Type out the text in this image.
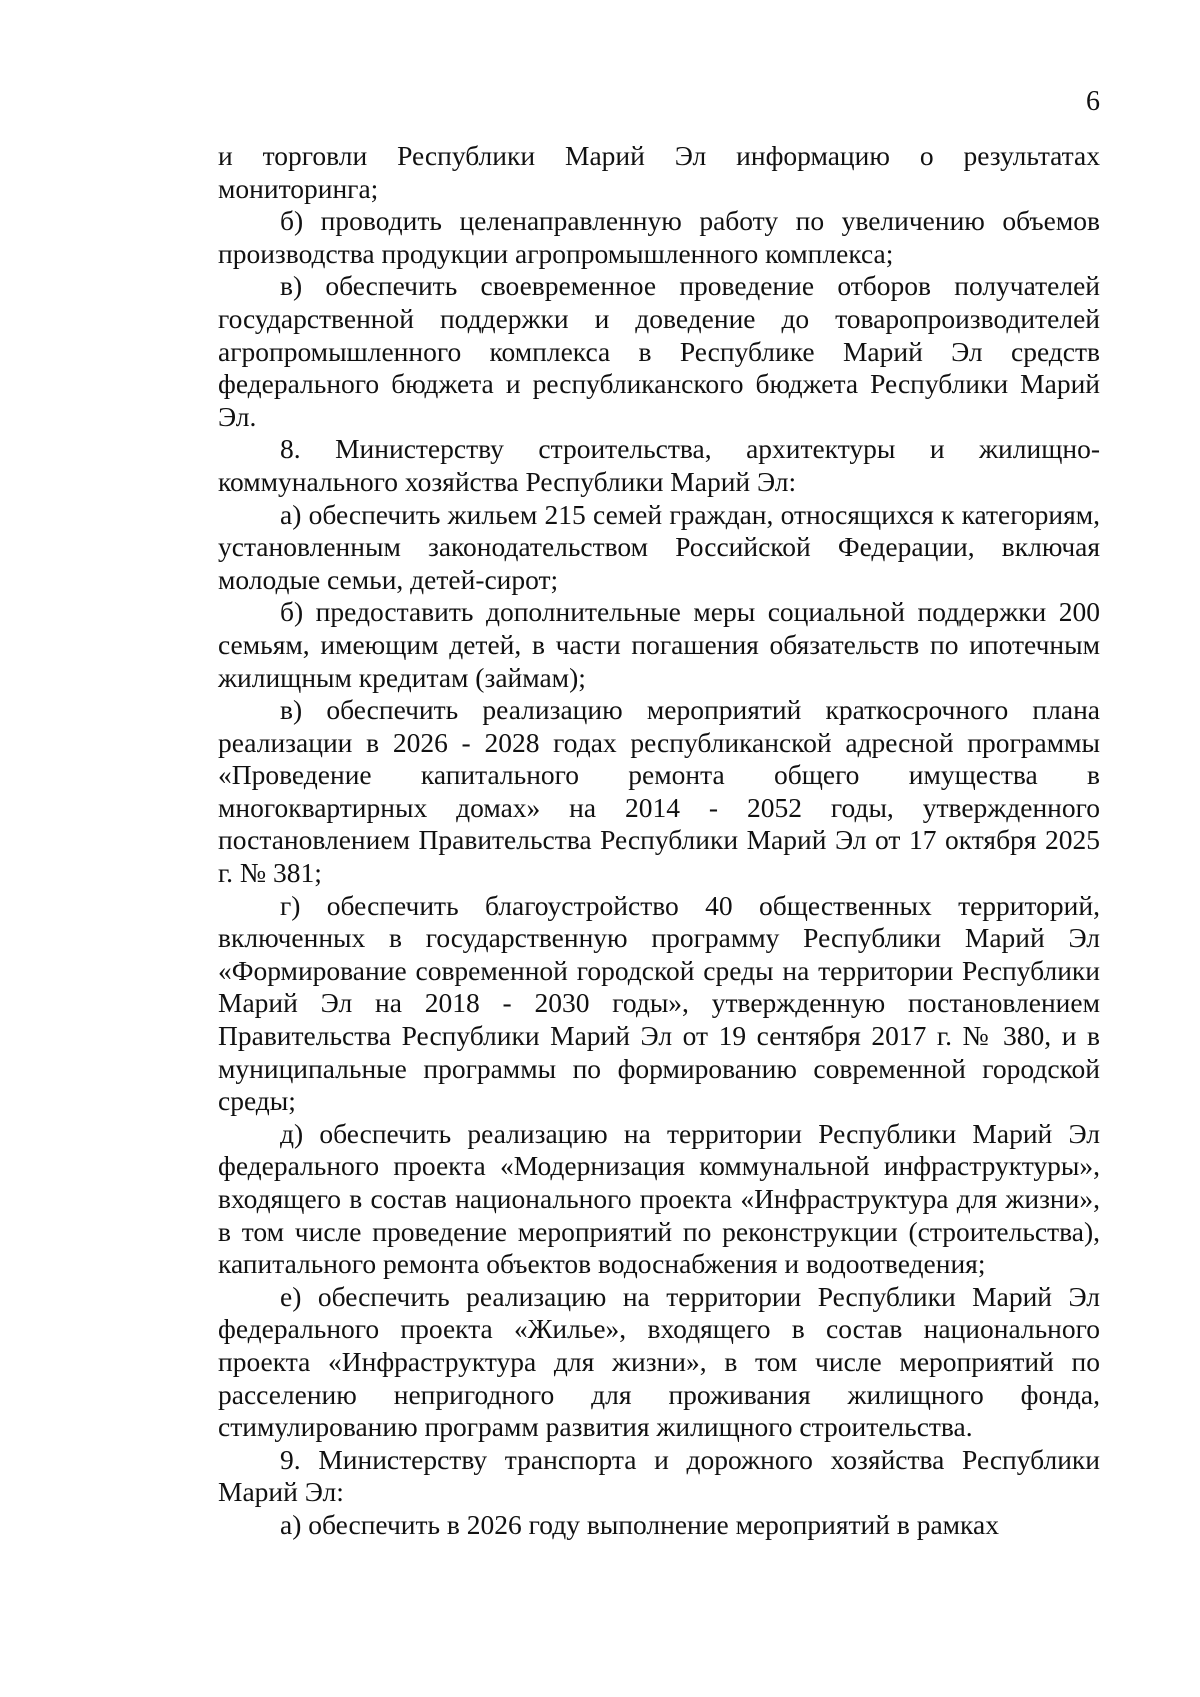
6

и торговли Республики Марий Эл информацию о результатах мониторинга;

б) проводить целенаправленную работу по увеличению объемов производства продукции агропромышленного комплекса;

в) обеспечить своевременное проведение отборов получателей государственной поддержки и доведение до товаропроизводителей агропромышленного комплекса в Республике Марий Эл средств федерального бюджета и республиканского бюджета Республики Марий Эл.

8. Министерству строительства, архитектуры и жилищно-коммунального хозяйства Республики Марий Эл:

а) обеспечить жильем 215 семей граждан, относящихся к категориям, установленным законодательством Российской Федерации, включая молодые семьи, детей-сирот;

б) предоставить дополнительные меры социальной поддержки 200 семьям, имеющим детей, в части погашения обязательств по ипотечным жилищным кредитам (займам);

в) обеспечить реализацию мероприятий краткосрочного плана реализации в 2026 - 2028 годах республиканской адресной программы «Проведение капитального ремонта общего имущества в многоквартирных домах» на 2014 - 2052 годы, утвержденного постановлением Правительства Республики Марий Эл от 17 октября 2025 г. № 381;

г) обеспечить благоустройство 40 общественных территорий, включенных в государственную программу Республики Марий Эл «Формирование современной городской среды на территории Республики Марий Эл на 2018 - 2030 годы», утвержденную постановлением Правительства Республики Марий Эл от 19 сентября 2017 г. № 380, и в муниципальные программы по формированию современной городской среды;

д) обеспечить реализацию на территории Республики Марий Эл федерального проекта «Модернизация коммунальной инфраструктуры», входящего в состав национального проекта «Инфраструктура для жизни», в том числе проведение мероприятий по реконструкции (строительства), капитального ремонта объектов водоснабжения и водоотведения;

е) обеспечить реализацию на территории Республики Марий Эл федерального проекта «Жилье», входящего в состав национального проекта «Инфраструктура для жизни», в том числе мероприятий по расселению непригодного для проживания жилищного фонда, стимулированию программ развития жилищного строительства.

9. Министерству транспорта и дорожного хозяйства Республики Марий Эл:

а) обеспечить в 2026 году выполнение мероприятий в рамках
